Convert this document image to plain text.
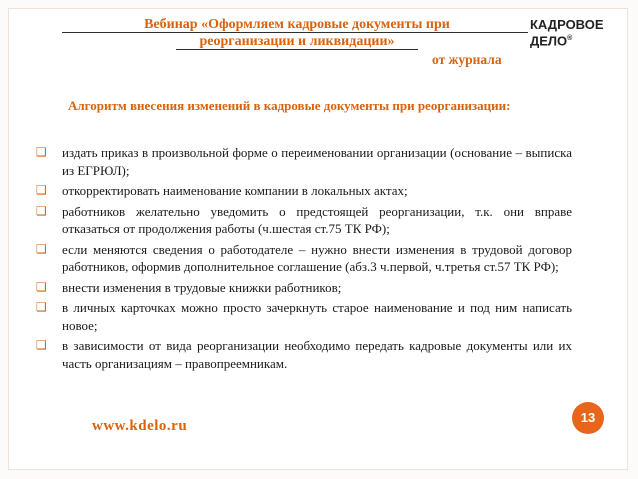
Вебинар «Оформляем кадровые документы при
реорганизации и ликвидации»
КАДРОВОЕ
ДЕЛО®
от журнала
Алгоритм внесения изменений в кадровые документы при реорганизации:
❑ издать приказ в произвольной форме о переименовании организации (основание – выписка из ЕГРЮЛ);
❑ откорректировать наименование компании в локальных актах;
❑ работников желательно уведомить о предстоящей реорганизации, т.к. они вправе отказаться от продолжения работы (ч.шестая ст.75 ТК РФ);
❑ если меняются сведения о работодателе – нужно внести изменения в трудовой договор работников, оформив дополнительное соглашение (абз.3 ч.первой, ч.третья ст.57 ТК РФ);
❑ внести изменения в трудовые книжки работников;
❑ в личных карточках можно просто зачеркнуть старое наименование и под ним написать новое;
❑ в зависимости от вида реорганизации необходимо передать кадровые документы или их часть организациям – правопреемникам.
www.kdelo.ru
13
